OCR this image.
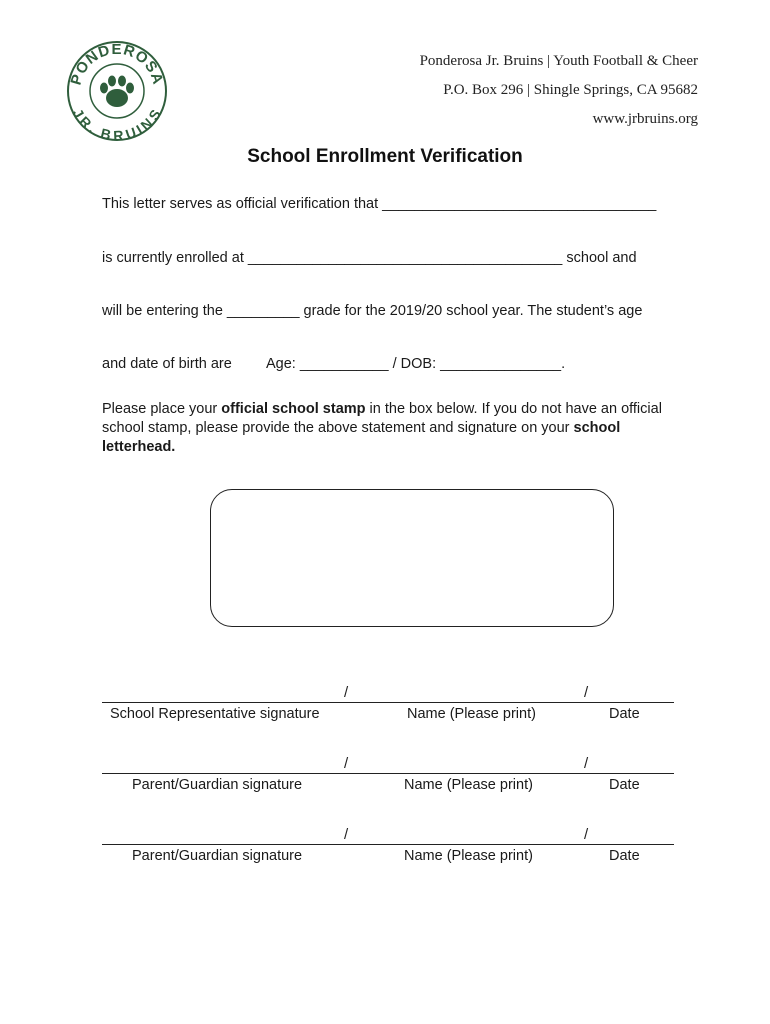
PONDEROSA
JR. BRUINS
Ponderosa Jr. Bruins | Youth Football & Cheer
P.O. Box 296 | Shingle Springs, CA 95682
www.jrbruins.org
School Enrollment Verification
This letter serves as official verification that __________________________________
is currently enrolled at _______________________________________ school and
will be entering the _________ grade for the 2019/20 school year. The student’s age
and date of birth are Age: ___________ / DOB: _______________.
Please place your official school stamp in the box below. If you do not have an official school stamp, please provide the above statement and signature on your school letterhead.
/	/
School Representative signature	Name (Please print)	Date
/	/
Parent/Guardian signature	Name (Please print)	Date
/	/
Parent/Guardian signature	Name (Please print)	Date
